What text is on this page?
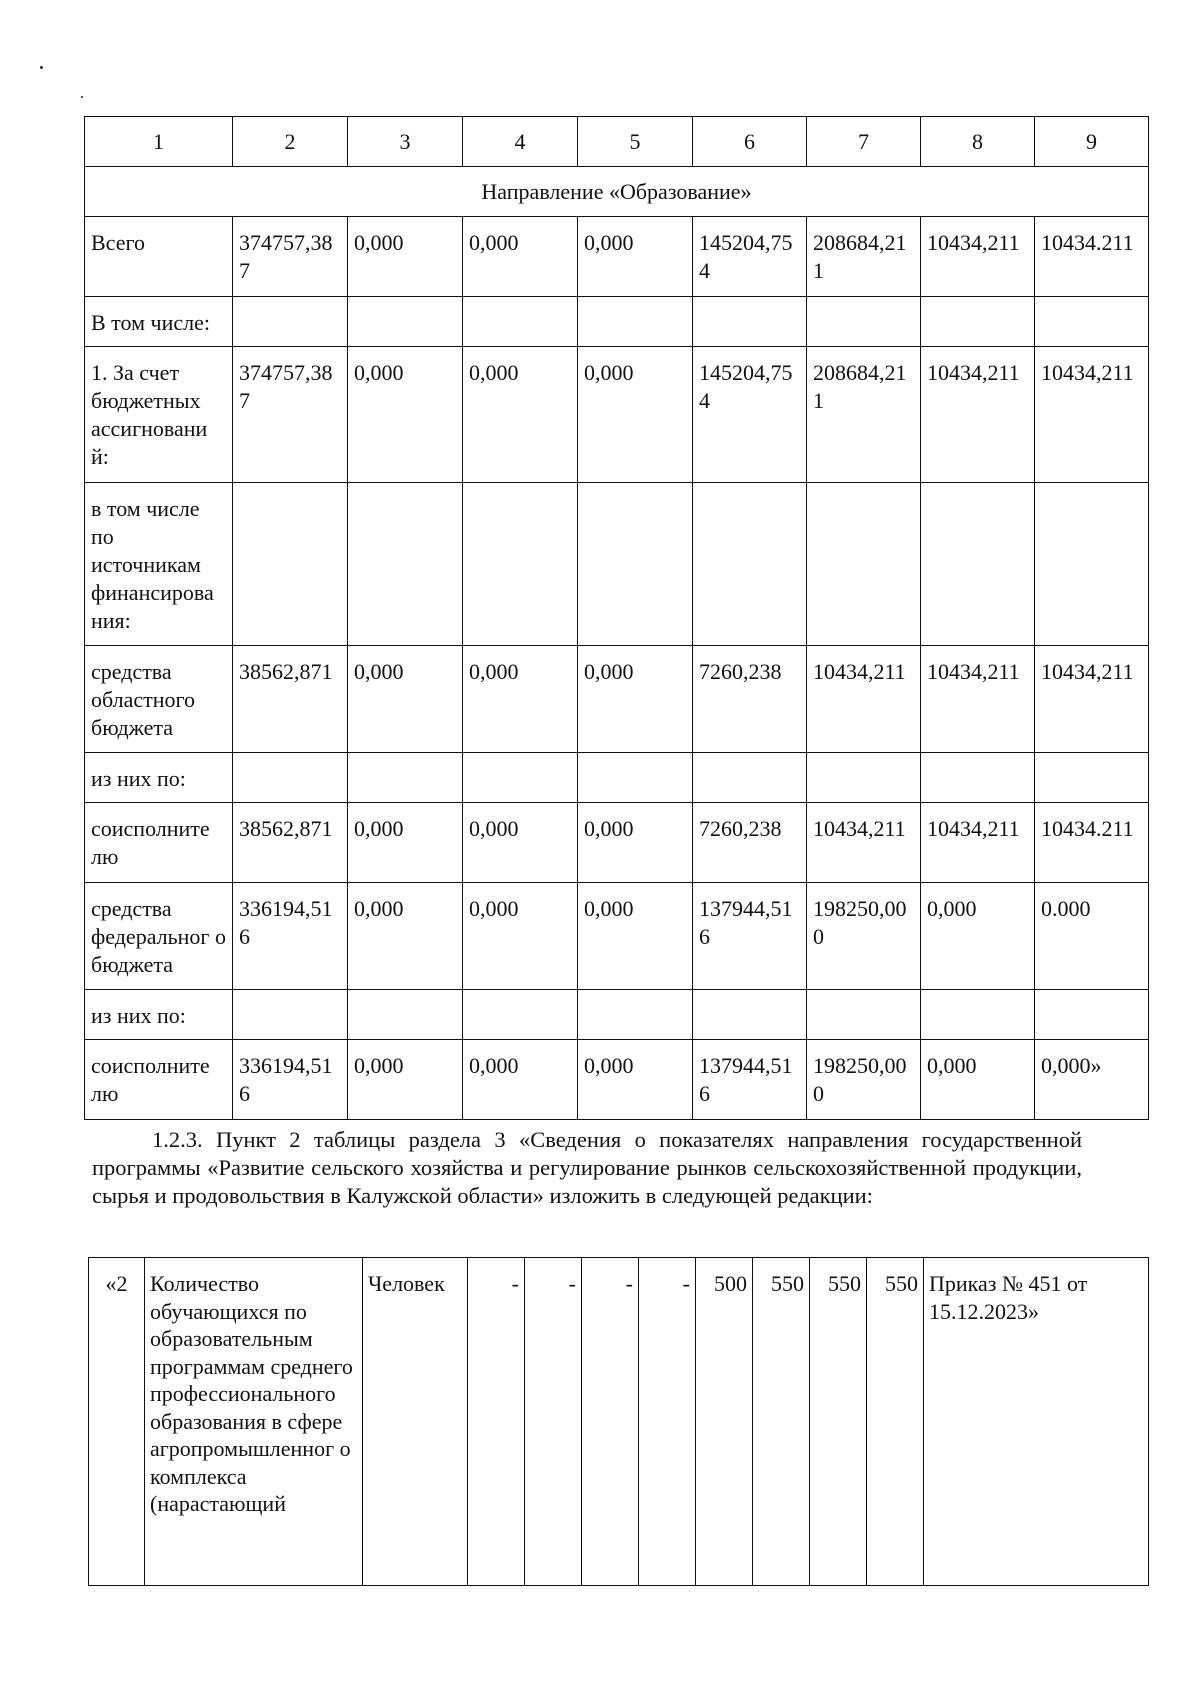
1	2	3	4	5	6	7	8	9
Направление «Образование»								
Всего	374757,387	0,000	0,000	0,000	145204,754	208684,211	10434,211	10434.211
В том числе:								
1. За счет бюджетных ассигновани й:	374757,387	0,000	0,000	0,000	145204,754	208684,211	10434,211	10434,211
в том числе по источникам финансирова ния:								
средства областного бюджета	38562,871	0,000	0,000	0,000	7260,238	10434,211	10434,211	10434,211
из них по:								
соисполните лю	38562,871	0,000	0,000	0,000	7260,238	10434,211	10434,211	10434.211
средства федеральног о бюджета	336194,516	0,000	0,000	0,000	137944,516	198250,000	0,000	0.000
из них по:								
соисполните лю	336194,516	0,000	0,000	0,000	137944,516	198250,000	0,000	0,000»

1.2.3. Пункт 2 таблицы раздела 3 «Сведения о показателях направления государственной программы «Развитие сельского хозяйства и регулирование рынков сельскохозяйственной продукции, сырья и продовольствия в Калужской области» изложить в следующей редакции:

«2	Количество обучающихся по образовательным программам среднего профессионального образования в сфере агропромышленног о комплекса (нарастающий	Человек	-	-	-	-	500	550	550	550	Приказ № 451 от 15.12.2023»
